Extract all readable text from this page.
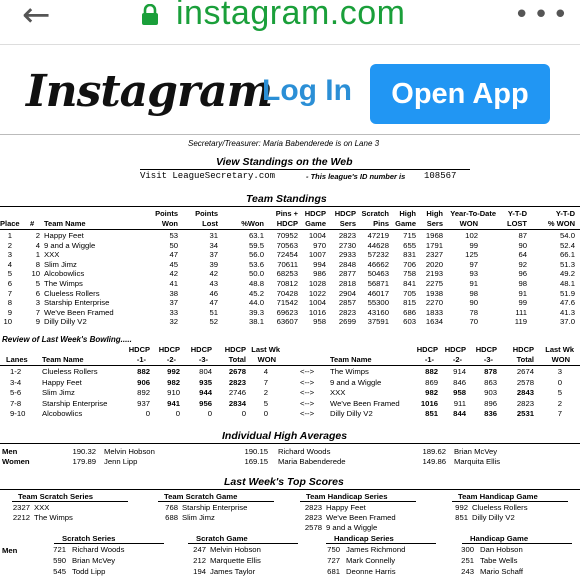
←	instagram.com	•••
Instagram
Log In	Open App
Secretary/Treasurer: Maria Babenderede is on Lane 3
View Standings on the Web
Visit LeagueSecretary.com	- This league's ID number is 108567
Team Standings
Points	Points	Pins + HDCP	HDCP Scratch	High	High Year-To-Date	Y-T-D	Y-T-D
Place # Team Name	Won	Lost	%Won	HDCP Game	Sers	Pins Game	Sers	WON	LOST	% WON
1	2 Happy Feet	53	31	63.1	70952	1004	2823	47219	715	1968	102	87	54.0
2	4 9 and a Wiggle	50	34	59.5	70563	970	2730	44628	655	1791	99	90	52.4
3	1 XXX	47	37	56.0	72454	1007	2933	57232	831	2327	125	64	66.1
4	8 Slim Jimz	45	39	53.6	70611	994	2848	46662	706	2020	97	92	51.3
5	10 Alcobowlics	42	42	50.0	68253	986	2877	50463	758	2193	93	96	49.2
6	5 The Wimps	41	43	48.8	70812	1028	2818	56871	841	2275	91	98	48.1
7	6 Clueless Rollers	38	46	45.2	70428	1022	2904	46017	705	1938	98	91	51.9
8	3 Starship Enterprise	37	47	44.0	71542	1004	2857	55300	815	2270	90	99	47.6
9	7 We've Been Framed	33	51	39.3	69623	1016	2823	43160	686	1833	78	111	41.3
10	9 Dilly Dilly V2	32	52	38.1	63607	958	2699	37591	603	1634	70	119	37.0
Review of Last Week's Bowling.....
HDCP	HDCP	HDCP	HDCP Last Wk
-1-	-2-	-3-	Total	WON
HDCP HDCP	HDCP	HDCP	Last Wk
-1-	-2-	-3-	Total	WON
Lanes Team Name	Team Name
1-2	Clueless Rollers	882	992	804	2678	4	<--> The Wimps	882	914	878	2674	3
3-4	Happy Feet	906	982	935	2823	7	<--> 9 and a Wiggle	869	846	863	2578	0
5-6	Slim Jimz	892	910	944	2746	2	<--> XXX	982	958	903	2843	5
7-8	Starship Enterprise	937	941	956	2834	5	<--> We've Been Framed	1016	911	896	2823	2
9-10 Alcobowlics	0	0	0	0	0	<--> Dilly Dilly V2	851	844	836	2531	7
Individual High Averages
Men
Women
190.32 Melvin Hobson	190.15 Richard Woods	189.62 Brian McVey
179.89 Jenn Lipp	169.15 Maria Babenderede	149.86 Marquita Ellis
Last Week's Top Scores
Team Scratch Series
2327 XXX
2212 The Wimps
Team Scratch Game
768 Starship Enterprise
688 Slim Jimz
Team Handicap Series
2823 Happy Feet
2823 We've Been Framed
2578 9 and a Wiggle
Team Handicap Game
992 Clueless Rollers
851 Dilly Dilly V2
Men
Scratch Series
721 Richard Woods
590 Brian McVey
545 Todd Lipp
Scratch Game
247 Melvin Hobson
212 Marquette Ellis
194 James Taylor
Handicap Series
750 James Richmond
727 Mark Connelly
681 Deonne Harris
Handicap Game
300 Dan Hobson
251 Tabe Wells
243 Mario Schaff
